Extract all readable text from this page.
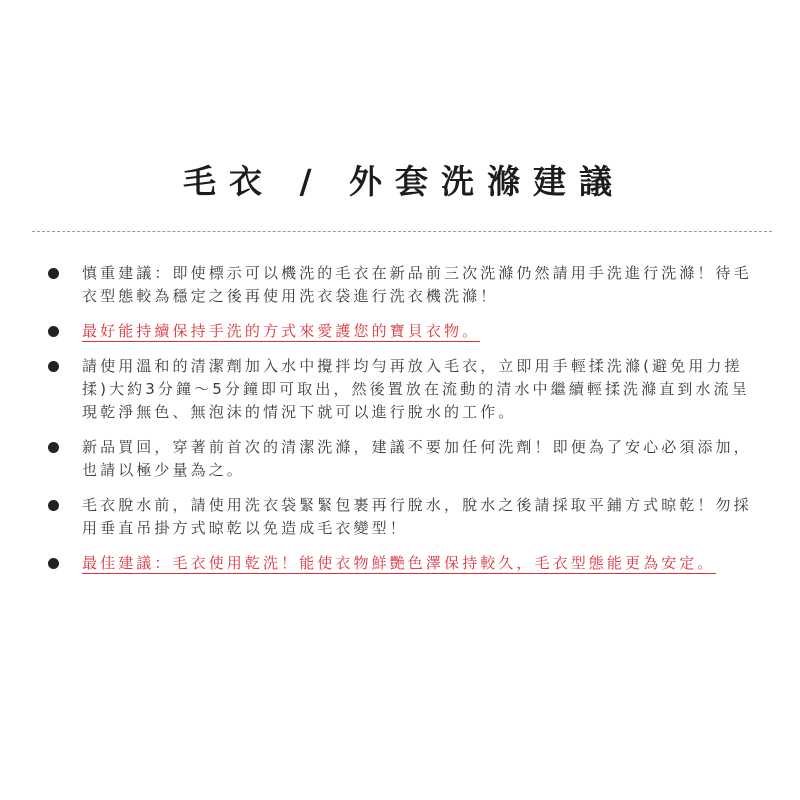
毛衣 / 外套洗滌建議
慎重建議：即使標示可以機洗的毛衣在新品前三次洗滌仍然請用手洗進行洗滌！待毛衣型態較為穩定之後再使用洗衣袋進行洗衣機洗滌！
最好能持續保持手洗的方式來愛護您的寶貝衣物。
請使用溫和的清潔劑加入水中攪拌均勻再放入毛衣，立即用手輕揉洗滌(避免用力搓揉)大約3分鐘～5分鐘即可取出，然後置放在流動的清水中繼續輕揉洗滌直到水流呈現乾淨無色、無泡沫的情況下就可以進行脫水的工作。
新品買回，穿著前首次的清潔洗滌，建議不要加任何洗劑！即便為了安心必須添加，也請以極少量為之。
毛衣脫水前，請使用洗衣袋緊緊包裹再行脫水，脫水之後請採取平鋪方式晾乾！勿採用垂直吊掛方式晾乾以免造成毛衣變型！
最佳建議：毛衣使用乾洗！能使衣物鮮艷色澤保持較久，毛衣型態能更為安定。
